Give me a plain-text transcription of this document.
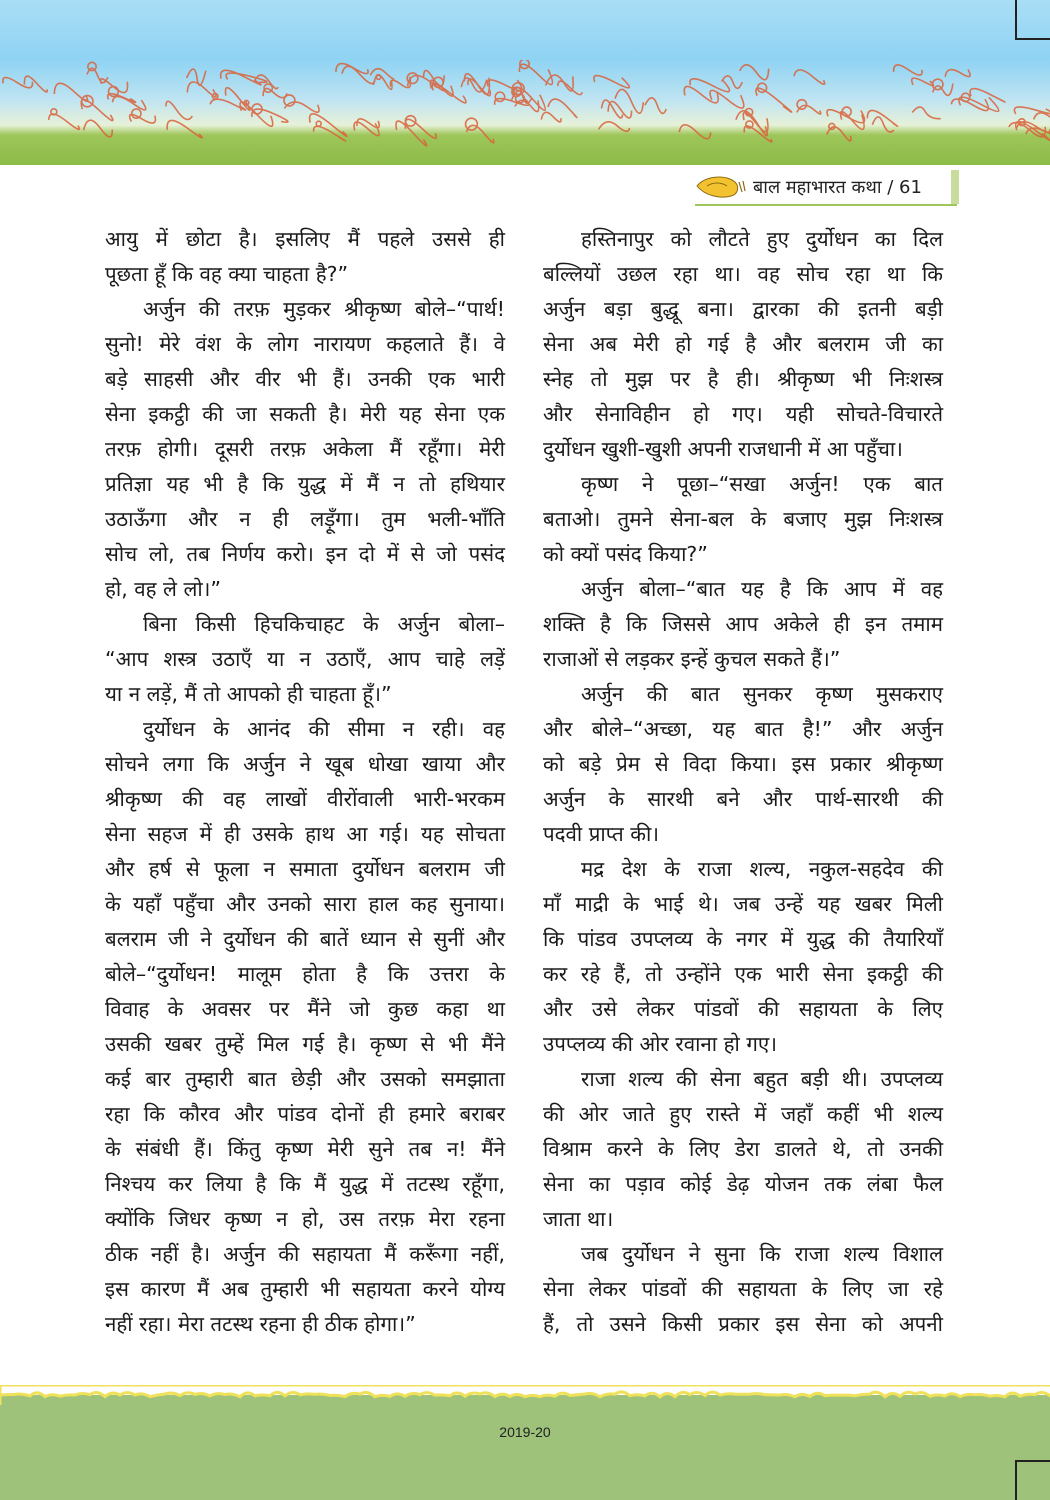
बाल महाभारत कथा / 61
आयु में छोटा है। इसलिए मैं पहले उससे ही
पूछता हूँ कि वह क्या चाहता है?”
अर्जुन की तरफ़ मुड़कर श्रीकृष्ण बोले–“पार्थ!
सुनो! मेरे वंश के लोग नारायण कहलाते हैं। वे
बड़े साहसी और वीर भी हैं। उनकी एक भारी
सेना इकट्ठी की जा सकती है। मेरी यह सेना एक
तरफ़ होगी। दूसरी तरफ़ अकेला मैं रहूँगा। मेरी
प्रतिज्ञा यह भी है कि युद्ध में मैं न तो हथियार
उठाऊँगा और न ही लड़ूँगा। तुम भली-भाँति
सोच लो, तब निर्णय करो। इन दो में से जो पसंद
हो, वह ले लो।”
बिना किसी हिचकिचाहट के अर्जुन बोला–
“आप शस्त्र उठाएँ या न उठाएँ, आप चाहे लड़ें
या न लड़ें, मैं तो आपको ही चाहता हूँ।”
दुर्योधन के आनंद की सीमा न रही। वह
सोचने लगा कि अर्जुन ने खूब धोखा खाया और
श्रीकृष्ण की वह लाखों वीरोंवाली भारी-भरकम
सेना सहज में ही उसके हाथ आ गई। यह सोचता
और हर्ष से फूला न समाता दुर्योधन बलराम जी
के यहाँ पहुँचा और उनको सारा हाल कह सुनाया।
बलराम जी ने दुर्योधन की बातें ध्यान से सुनीं और
बोले–“दुर्योधन! मालूम होता है कि उत्तरा के
विवाह के अवसर पर मैंने जो कुछ कहा था
उसकी खबर तुम्हें मिल गई है। कृष्ण से भी मैंने
कई बार तुम्हारी बात छेड़ी और उसको समझाता
रहा कि कौरव और पांडव दोनों ही हमारे बराबर
के संबंधी हैं। किंतु कृष्ण मेरी सुने तब न! मैंने
निश्चय कर लिया है कि मैं युद्ध में तटस्थ रहूँगा,
क्योंकि जिधर कृष्ण न हो, उस तरफ़ मेरा रहना
ठीक नहीं है। अर्जुन की सहायता मैं करूँगा नहीं,
इस कारण मैं अब तुम्हारी भी सहायता करने योग्य
नहीं रहा। मेरा तटस्थ रहना ही ठीक होगा।”
हस्तिनापुर को लौटते हुए दुर्योधन का दिल
बल्लियों उछल रहा था। वह सोच रहा था कि
अर्जुन बड़ा बुद्धू बना। द्वारका की इतनी बड़ी
सेना अब मेरी हो गई है और बलराम जी का
स्नेह तो मुझ पर है ही। श्रीकृष्ण भी निःशस्त्र
और सेनाविहीन हो गए। यही सोचते-विचारते
दुर्योधन खुशी-खुशी अपनी राजधानी में आ पहुँचा।
कृष्ण ने पूछा–“सखा अर्जुन! एक बात
बताओ। तुमने सेना-बल के बजाए मुझ निःशस्त्र
को क्यों पसंद किया?”
अर्जुन बोला–“बात यह है कि आप में वह
शक्ति है कि जिससे आप अकेले ही इन तमाम
राजाओं से लड़कर इन्हें कुचल सकते हैं।”
अर्जुन की बात सुनकर कृष्ण मुसकराए
और बोले–“अच्छा, यह बात है!” और अर्जुन
को बड़े प्रेम से विदा किया। इस प्रकार श्रीकृष्ण
अर्जुन के सारथी बने और पार्थ-सारथी की
पदवी प्राप्त की।
मद्र देश के राजा शल्य, नकुल-सहदेव की
माँ माद्री के भाई थे। जब उन्हें यह खबर मिली
कि पांडव उपप्लव्य के नगर में युद्ध की तैयारियाँ
कर रहे हैं, तो उन्होंने एक भारी सेना इकट्ठी की
और उसे लेकर पांडवों की सहायता के लिए
उपप्लव्य की ओर रवाना हो गए।
राजा शल्य की सेना बहुत बड़ी थी। उपप्लव्य
की ओर जाते हुए रास्ते में जहाँ कहीं भी शल्य
विश्राम करने के लिए डेरा डालते थे, तो उनकी
सेना का पड़ाव कोई डेढ़ योजन तक लंबा फैल
जाता था।
जब दुर्योधन ने सुना कि राजा शल्य विशाल
सेना लेकर पांडवों की सहायता के लिए जा रहे
हैं, तो उसने किसी प्रकार इस सेना को अपनी
2019-20
